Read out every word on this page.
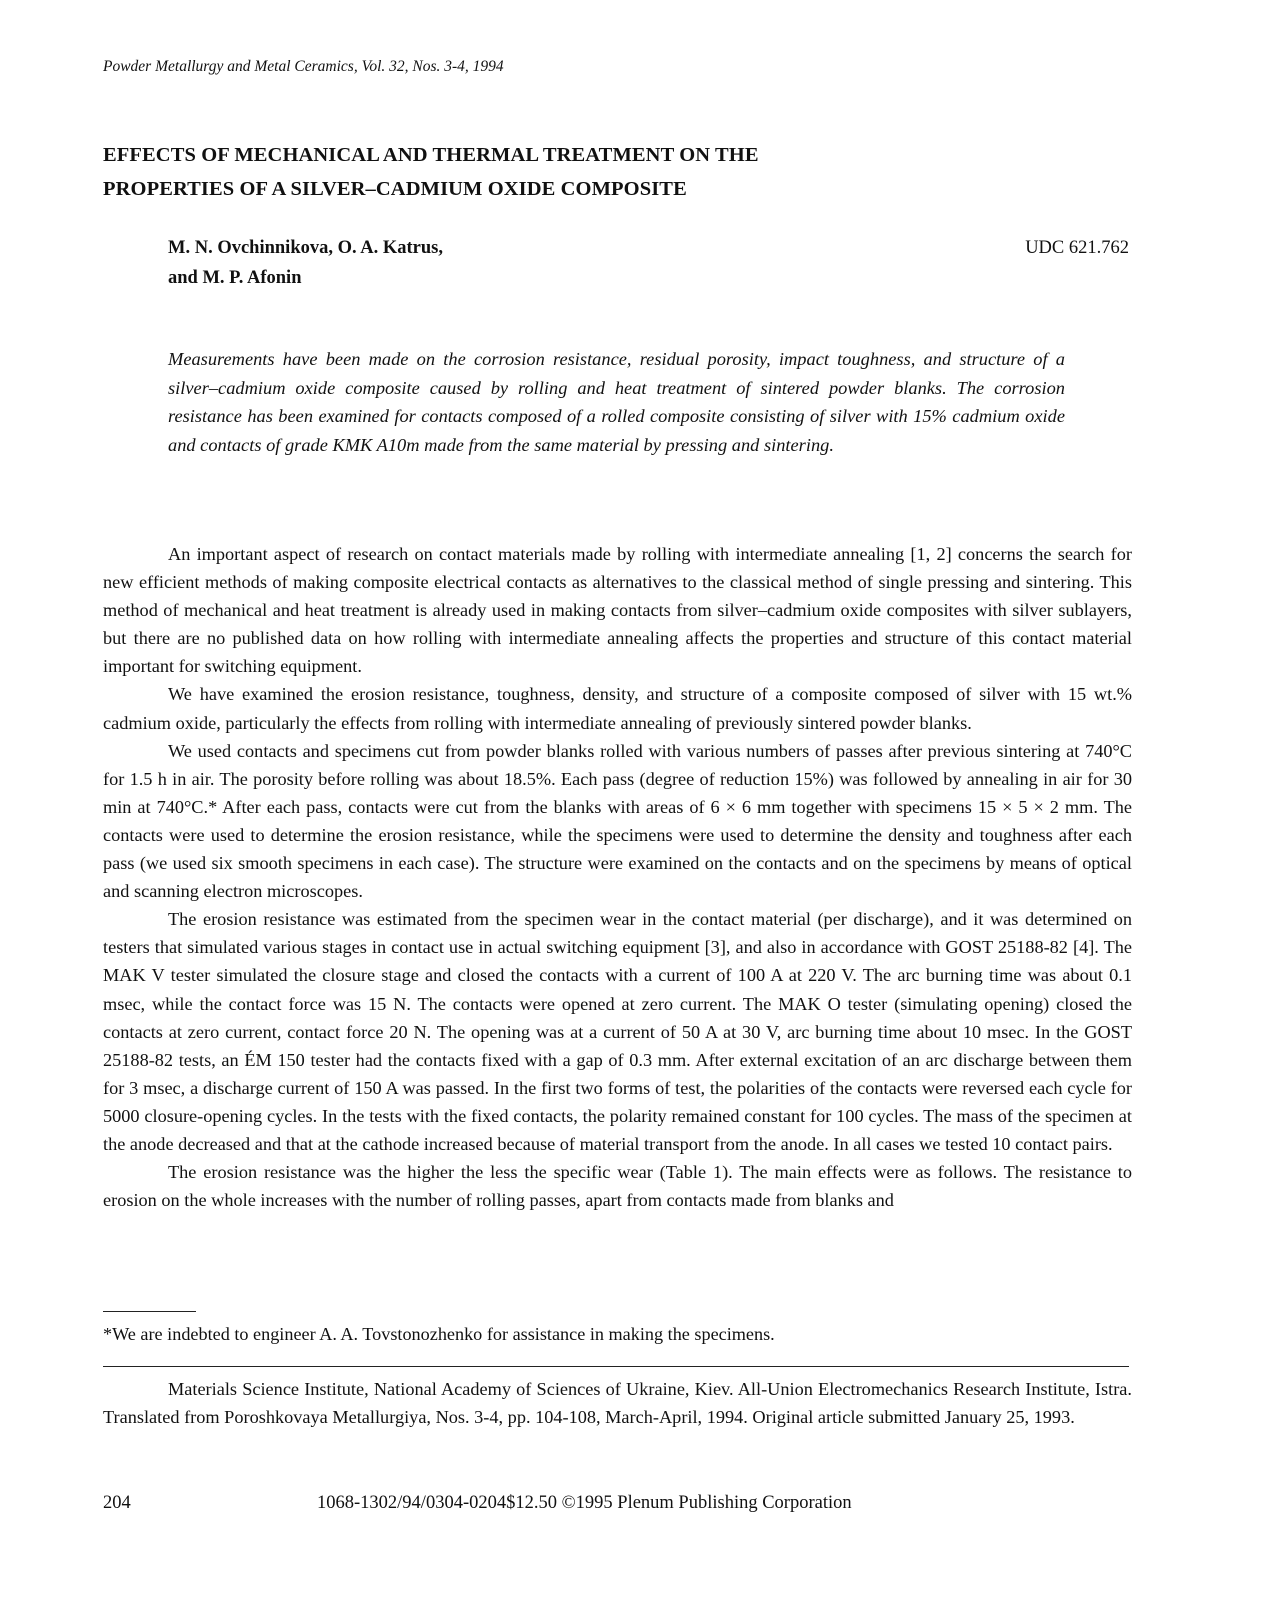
Powder Metallurgy and Metal Ceramics, Vol. 32, Nos. 3-4, 1994
EFFECTS OF MECHANICAL AND THERMAL TREATMENT ON THE
PROPERTIES OF A SILVER–CADMIUM OXIDE COMPOSITE
M. N. Ovchinnikova, O. A. Katrus,
and M. P. Afonin
UDC 621.762
Measurements have been made on the corrosion resistance, residual porosity, impact toughness, and structure of a silver–cadmium oxide composite caused by rolling and heat treatment of sintered powder blanks. The corrosion resistance has been examined for contacts composed of a rolled composite consisting of silver with 15% cadmium oxide and contacts of grade KMK A10m made from the same material by pressing and sintering.

An important aspect of research on contact materials made by rolling with intermediate annealing [1, 2] concerns the search for new efficient methods of making composite electrical contacts as alternatives to the classical method of single pressing and sintering. This method of mechanical and heat treatment is already used in making contacts from silver–cadmium oxide composites with silver sublayers, but there are no published data on how rolling with intermediate annealing affects the properties and structure of this contact material important for switching equipment.

We have examined the erosion resistance, toughness, density, and structure of a composite composed of silver with 15 wt.% cadmium oxide, particularly the effects from rolling with intermediate annealing of previously sintered powder blanks.

We used contacts and specimens cut from powder blanks rolled with various numbers of passes after previous sintering at 740°C for 1.5 h in air. The porosity before rolling was about 18.5%. Each pass (degree of reduction 15%) was followed by annealing in air for 30 min at 740°C.* After each pass, contacts were cut from the blanks with areas of 6 × 6 mm together with specimens 15 × 5 × 2 mm. The contacts were used to determine the erosion resistance, while the specimens were used to determine the density and toughness after each pass (we used six smooth specimens in each case). The structure were examined on the contacts and on the specimens by means of optical and scanning electron microscopes.

The erosion resistance was estimated from the specimen wear in the contact material (per discharge), and it was determined on testers that simulated various stages in contact use in actual switching equipment [3], and also in accordance with GOST 25188-82 [4]. The MAK V tester simulated the closure stage and closed the contacts with a current of 100 A at 220 V. The arc burning time was about 0.1 msec, while the contact force was 15 N. The contacts were opened at zero current. The MAK O tester (simulating opening) closed the contacts at zero current, contact force 20 N. The opening was at a current of 50 A at 30 V, arc burning time about 10 msec. In the GOST 25188-82 tests, an ÉM 150 tester had the contacts fixed with a gap of 0.3 mm. After external excitation of an arc discharge between them for 3 msec, a discharge current of 150 A was passed. In the first two forms of test, the polarities of the contacts were reversed each cycle for 5000 closure-opening cycles. In the tests with the fixed contacts, the polarity remained constant for 100 cycles. The mass of the specimen at the anode decreased and that at the cathode increased because of material transport from the anode. In all cases we tested 10 contact pairs.

The erosion resistance was the higher the less the specific wear (Table 1). The main effects were as follows. The resistance to erosion on the whole increases with the number of rolling passes, apart from contacts made from blanks and

*We are indebted to engineer A. A. Tovstonozhenko for assistance in making the specimens.
Materials Science Institute, National Academy of Sciences of Ukraine, Kiev. All-Union Electromechanics Research Institute, Istra. Translated from Poroshkovaya Metallurgiya, Nos. 3-4, pp. 104-108, March-April, 1994. Original article submitted January 25, 1993.
204	1068-1302/94/0304-0204$12.50 ©1995 Plenum Publishing Corporation
